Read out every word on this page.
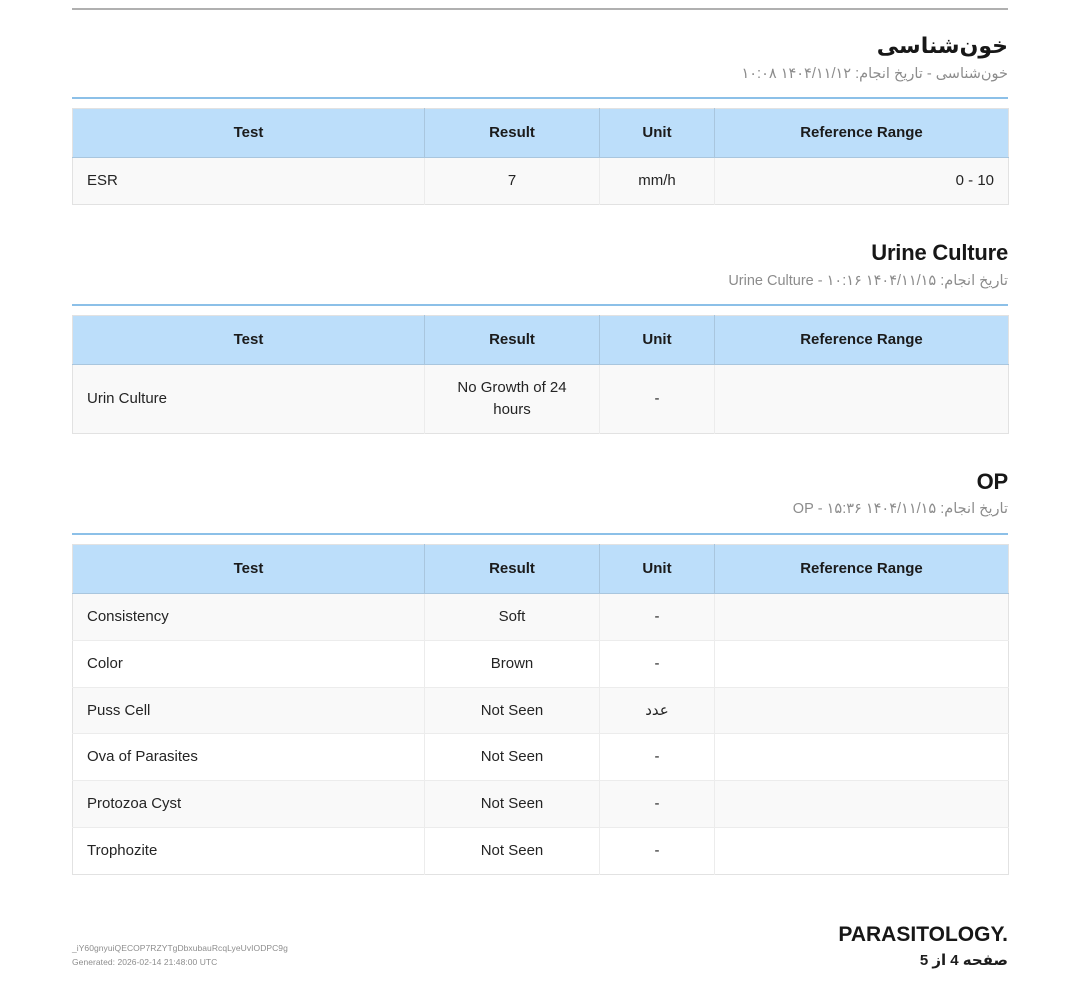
خون‌شناسی
خون‌شناسی - تاریخ انجام: ۱۴۰۴/۱۱/۱۲ ۱۰:۰۸
Test	Result	Unit	Reference Range
ESR	7	mm/h	0 - 10
Urine Culture
تاریخ انجام: ۱۴۰۴/۱۱/۱۵ ۱۰:۱۶ - Urine Culture
Test	Result	Unit	Reference Range
Urin Culture	No Growth of 24 hours	-	
OP
تاریخ انجام: ۱۴۰۴/۱۱/۱۵ ۱۵:۳۶ - OP
Test	Result	Unit	Reference Range
Consistency	Soft	-	
Color	Brown	-	
Puss Cell	Not Seen	عدد	
Ova of Parasites	Not Seen	-	
Protozoa Cyst	Not Seen	-	
Trophozite	Not Seen	-	
PARASITOLOGY.
_iY60gnyuiQECOP7RZYTgDbxubauRcqLyeUvIODPC9g
Generated: 2026-02-14 21:48:00 UTC	صفحه 4 از 5
